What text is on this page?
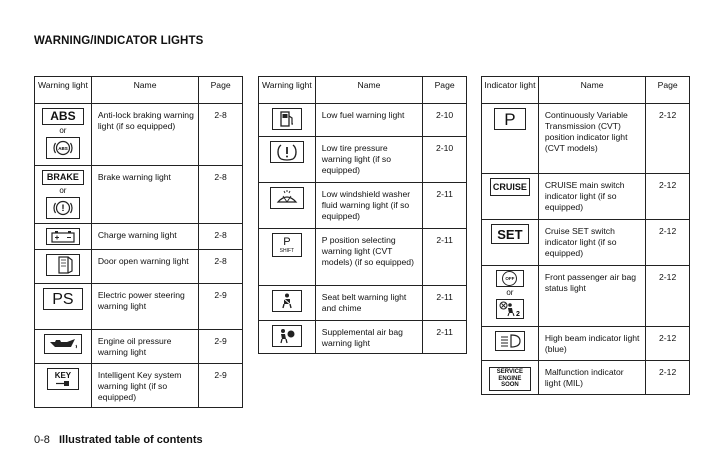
WARNING/INDICATOR LIGHTS
Warning light	Name	Page

ABS
or
ABS	Anti-lock braking warning light (if so equipped)	2-8

BRAKE
or
!	Brake warning light	2-8

	Charge warning light	2-8

	Door open warning light	2-8

PS	Electric power steering warning light	2-9

	Engine oil pressure warning light	2-9

KEY	Intelligent Key system warning light (if so equipped)	2-9
Warning light	Name	Page

	Low fuel warning light	2-10

	Low tire pressure warning light (if so equipped)	2-10

	Low windshield washer fluid warning light (if so equipped)	2-11

P
SHIFT	P position selecting warning light (CVT models) (if so equipped)	2-11

	Seat belt warning light and chime	2-11

	Supplemental air bag warning light	2-11
Indicator light	Name	Page

P	Continuously Variable Transmission (CVT) position indicator light (CVT models)	2-12

CRUISE	CRUISE main switch indicator light (if so equipped)	2-12

SET	Cruise SET switch indicator light (if so equipped)	2-12

OFF
or
2	Front passenger air bag status light	2-12

	High beam indicator light (blue)	2-12

SERVICE
ENGINE
SOON	Malfunction indicator light (MIL)	2-12
0-8 Illustrated table of contents
